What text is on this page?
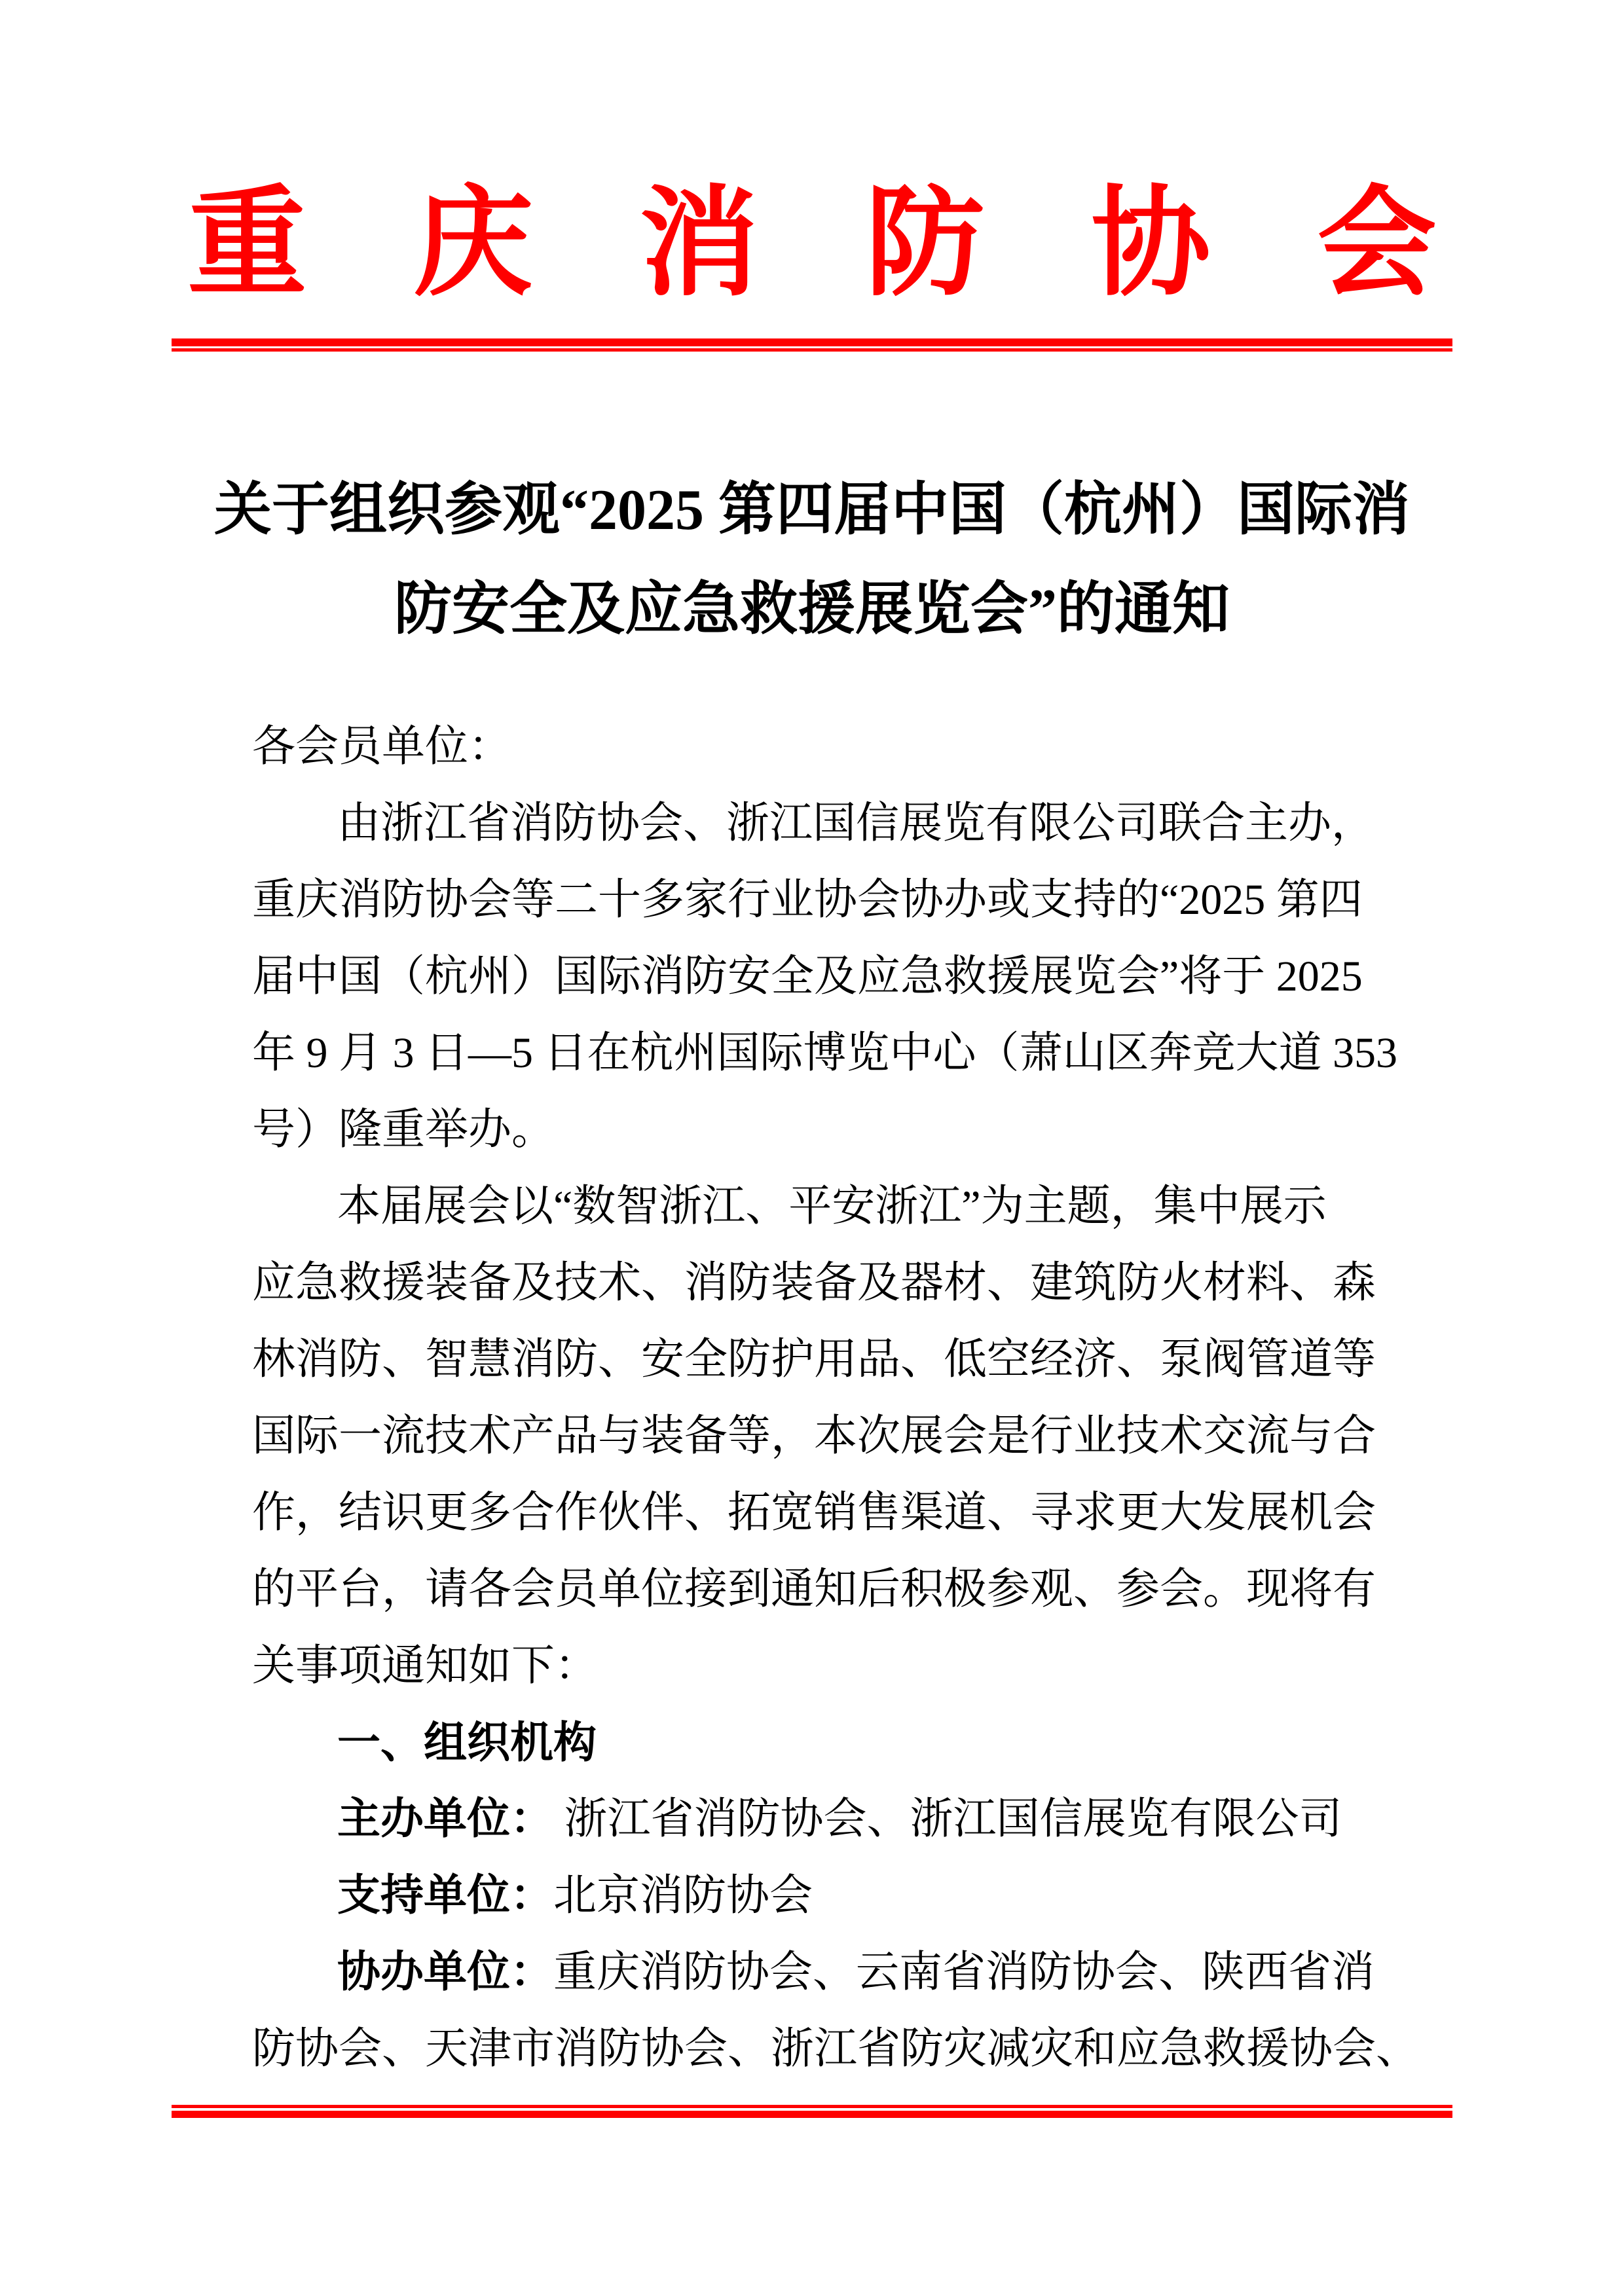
重庆消防协会
关于组织参观“2025 第四届中国（杭州）国际消
防安全及应急救援展览会”的通知
各会员单位：
由浙江省消防协会、浙江国信展览有限公司联合主办，
重庆消防协会等二十多家行业协会协办或支持的“2025 第四
届中国（杭州）国际消防安全及应急救援展览会”将于 2025
年 9 月 3 日—5 日在杭州国际博览中心（萧山区奔竞大道 353
号）隆重举办。
本届展会以“数智浙江、平安浙江”为主题，集中展示
应急救援装备及技术、消防装备及器材、建筑防火材料、森
林消防、智慧消防、安全防护用品、低空经济、泵阀管道等
国际一流技术产品与装备等，本次展会是行业技术交流与合
作，结识更多合作伙伴、拓宽销售渠道、寻求更大发展机会
的平台，请各会员单位接到通知后积极参观、参会。现将有
关事项通知如下：
一、组织机构
主办单位： 浙江省消防协会、浙江国信展览有限公司
支持单位：北京消防协会
协办单位：重庆消防协会、云南省消防协会、陕西省消
防协会、天津市消防协会、浙江省防灾减灾和应急救援协会、
